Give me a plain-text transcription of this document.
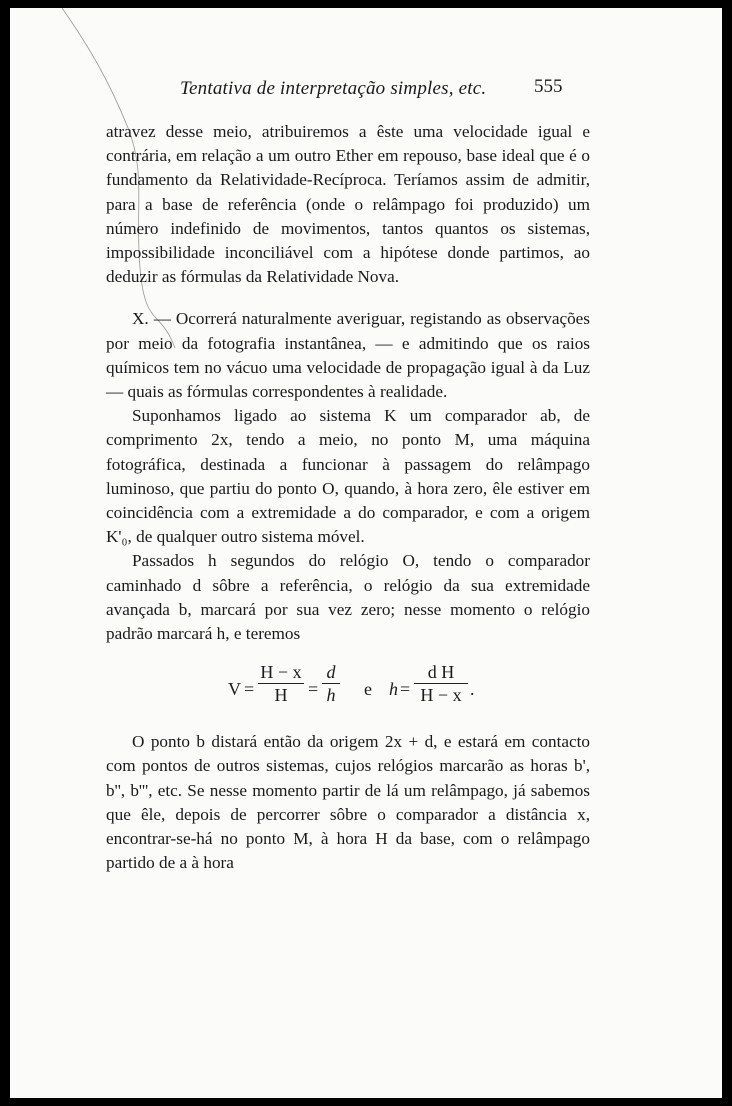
Tentativa de interpretação simples, etc.	555

atravez desse meio, atribuiremos a êste uma velocidade igual e contrária, em relação a um outro Ether em repouso, base ideal que é o fundamento da Relatividade-Recíproca. Teríamos assim de admitir, para a base de referência (onde o relâmpago foi produzido) um número indefinido de movimentos, tantos quantos os sistemas, impossibilidade inconciliável com a hipótese donde partimos, ao deduzir as fórmulas da Relatividade Nova.

X. — Ocorrerá naturalmente averiguar, registando as observações por meio da fotografia instantânea, — e admitindo que os raios químicos tem no vácuo uma velocidade de propagação igual à da Luz — quais as fórmulas correspondentes à realidade.

Suponhamos ligado ao sistema K um comparador ab, de comprimento 2x, tendo a meio, no ponto M, uma máquina fotográfica, destinada a funcionar à passagem do relâmpago luminoso, que partiu do ponto O, quando, à hora zero, êle estiver em coincidência com a extremidade a do comparador, e com a origem K'₀, de qualquer outro sistema móvel.

Passados h segundos do relógio O, tendo o comparador caminhado d sôbre a referência, o relógio da sua extremidade avançada b, marcará por sua vez zero; nesse momento o relógio padrão marcará h, e teremos

V =
H − x
H	=
d
h e h =
d H
H − x .

O ponto b distará então da origem 2x + d, e estará em contacto com pontos de outros sistemas, cujos relógios marcarão as horas b', b'', b''', etc. Se nesse momento partir de lá um relâmpago, já sabemos que êle, depois de percorrer sôbre o comparador a distância x, encontrar-se-há no ponto M, à hora H da base, com o relâmpago partido de a à hora
